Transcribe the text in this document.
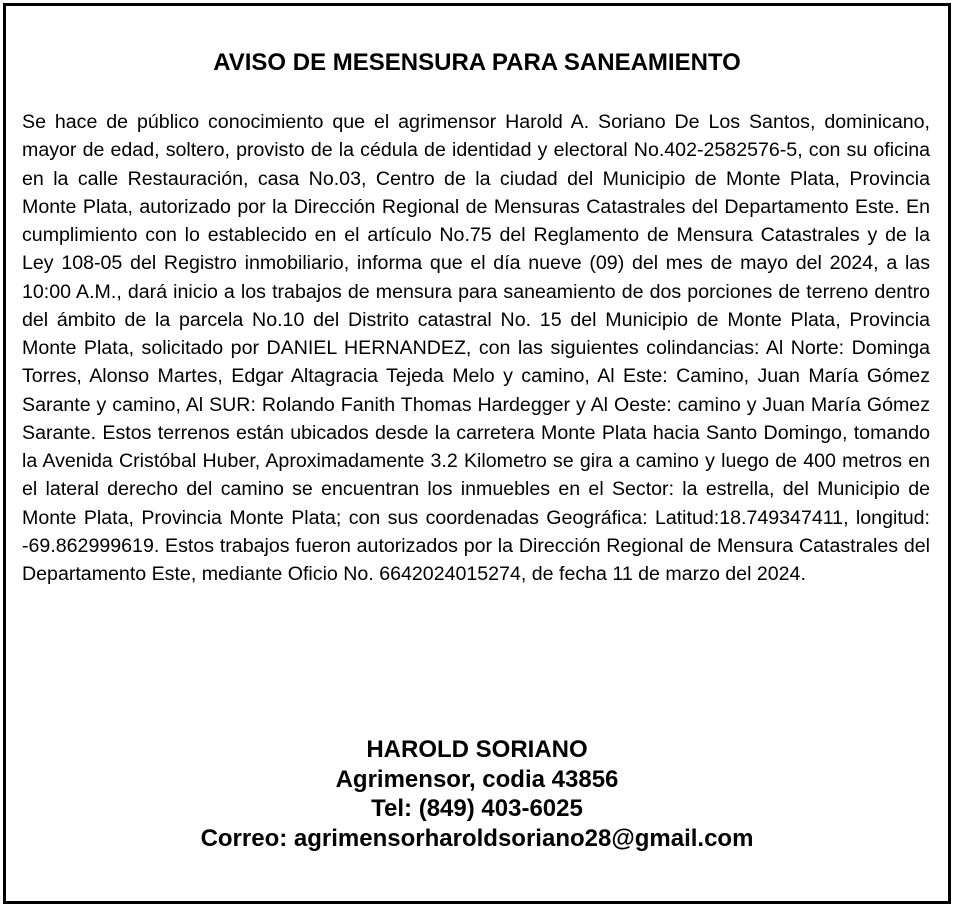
AVISO DE MESENSURA PARA SANEAMIENTO

Se hace de público conocimiento que el agrimensor Harold A. Soriano De Los Santos, dominicano, mayor de edad, soltero, provisto de la cédula de identidad y electoral No.402-2582576-5, con su oficina en la calle Restauración, casa No.03, Centro de la ciudad del Municipio de Monte Plata, Provincia Monte Plata, autorizado por la Dirección Regional de Mensuras Catastrales del Departamento Este. En cumplimiento con lo establecido en el artículo No.75 del Reglamento de Mensura Catastrales y de la Ley 108-05 del Registro inmobiliario, informa que el día nueve (09) del mes de mayo del 2024, a las 10:00 A.M., dará inicio a los trabajos de mensura para saneamiento de dos porciones de terreno dentro del ámbito de la parcela No.10 del Distrito catastral No. 15 del Municipio de Monte Plata, Provincia Monte Plata, solicitado por DANIEL HERNANDEZ, con las siguientes colindancias: Al Norte: Dominga Torres, Alonso Martes, Edgar Altagracia Tejeda Melo y camino, Al Este: Camino, Juan María Gómez Sarante y camino, Al SUR: Rolando Fanith Thomas Hardegger y Al Oeste: camino y Juan María Gómez Sarante. Estos terrenos están ubicados desde la carretera Monte Plata hacia Santo Domingo, tomando la Avenida Cristóbal Huber, Aproximadamente 3.2 Kilometro se gira a camino y luego de 400 metros en el lateral derecho del camino se encuentran los inmuebles en el Sector: la estrella, del Municipio de Monte Plata, Provincia Monte Plata; con sus coordenadas Geográfica: Latitud:18.749347411, longitud: -69.862999619. Estos trabajos fueron autorizados por la Dirección Regional de Mensura Catastrales del Departamento Este, mediante Oficio No. 6642024015274, de fecha 11 de marzo del 2024.

HAROLD SORIANO
Agrimensor, codia 43856
Tel: (849) 403-6025
Correo: agrimensorharoldsoriano28@gmail.com
